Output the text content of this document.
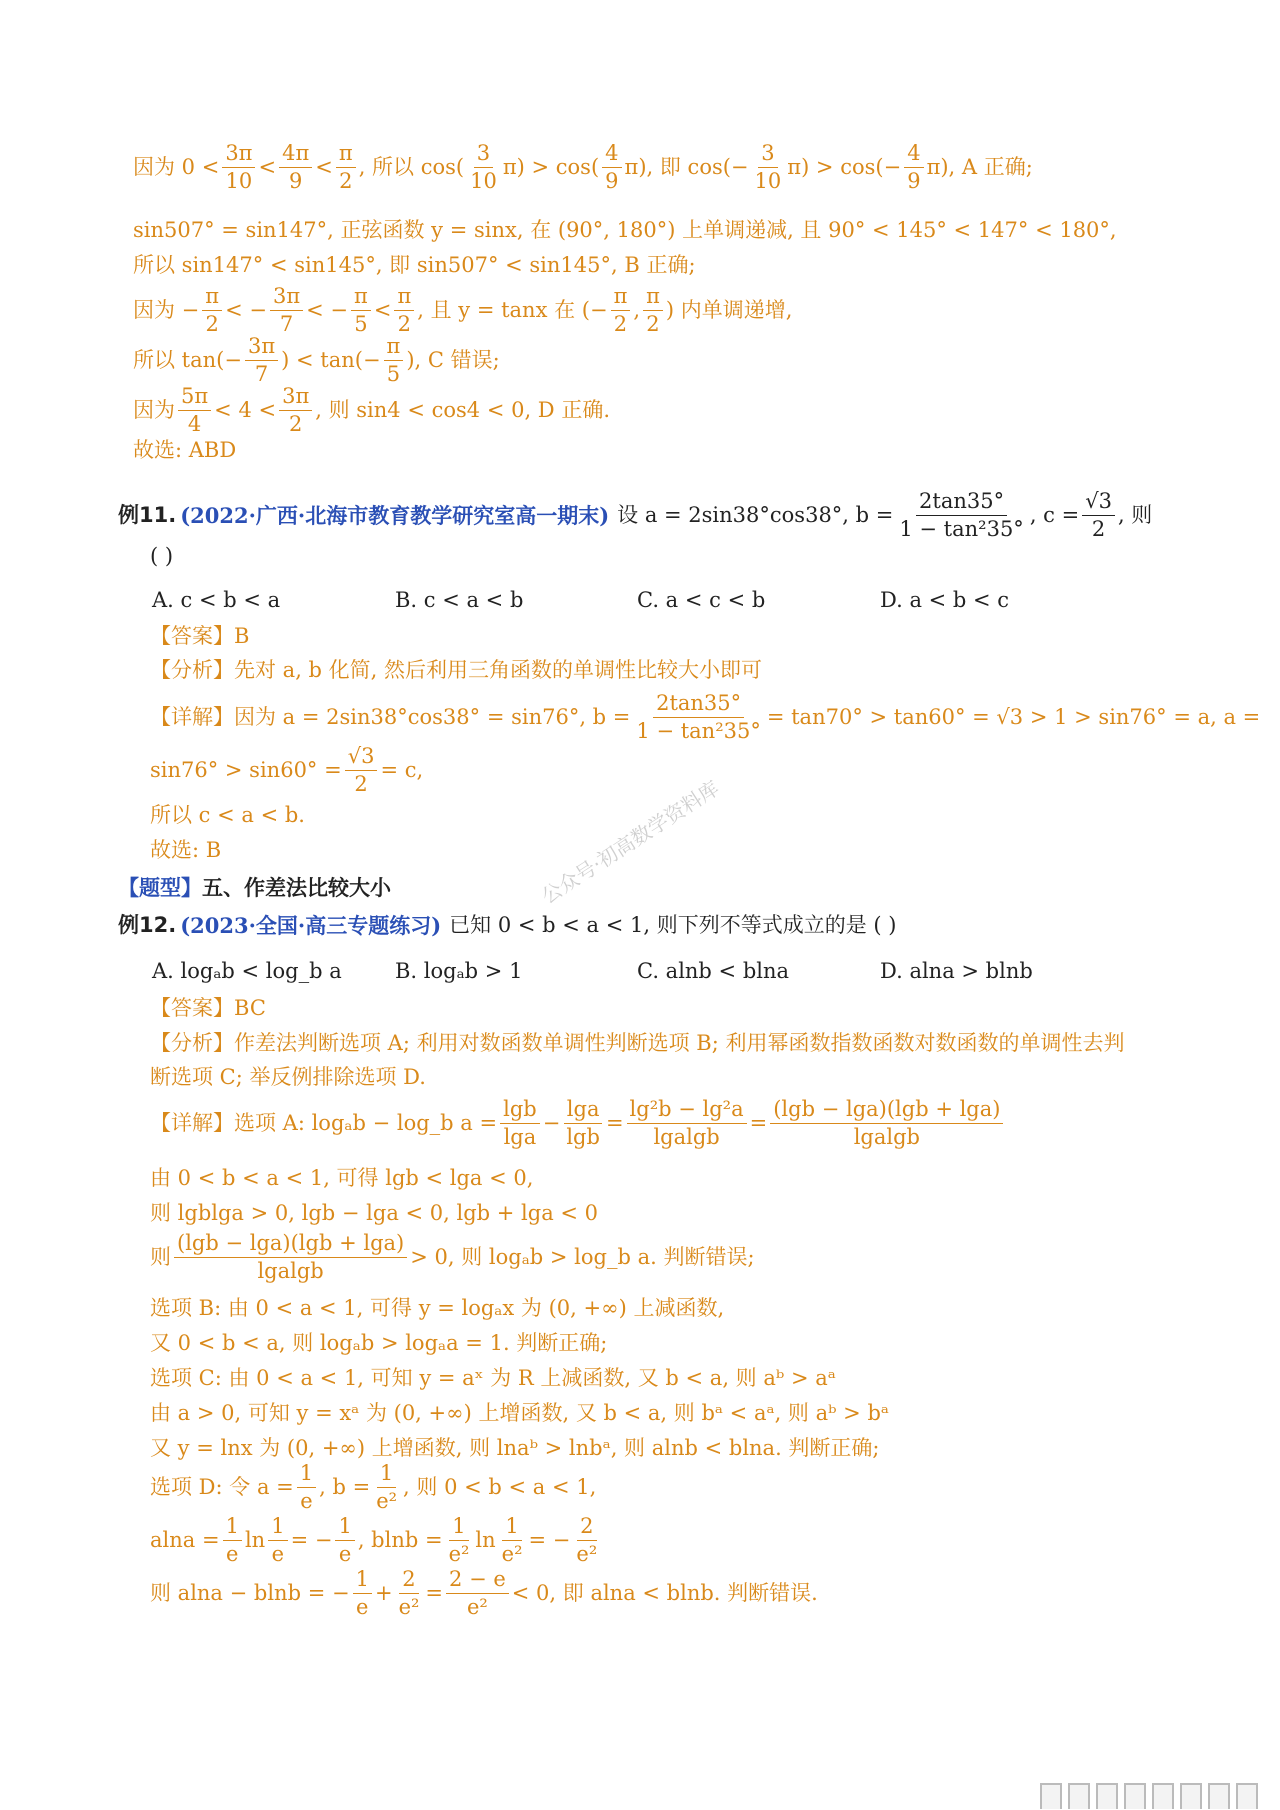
因为 $0 < \frac{3\pi}{10} < \frac{4\pi}{9} < \frac{\pi}{2}$ , 所以 $\cos( \frac{3}{10} \pi) > \cos( \frac{4}{9} \pi)$, 即 $\cos(- \frac{3}{10} \pi) > \cos(- \frac{4}{9} \pi)$, A 正确;
sin507° = sin147°, 正弦函数 y = sinx, 在 (90°, 180°) 上单调递减, 且 90° < 145° < 147° < 180°,
所以 sin147° < sin145°, 即 sin507° < sin145°, B 正确;
因为 − $\frac{\pi}{2}$ < − $\frac{3\pi}{7}$ < − $\frac{\pi}{5} < \frac{\pi}{2}$ , 且 y = tanx 在 (− $\frac{\pi}{2}$ , $\frac{\pi}{2}$ ) 内单调递增,
所以 $\tan(- \frac{3\pi}{7}$ ) < $\tan(- \frac{\pi}{5}$ ), C 错误;
因为 $\frac{5\pi}{4} < 4 < \frac{3\pi}{2}$ , 则 sin4 < cos4 < 0, D 正确.
故选: ABD
例11. (2022·广西·北海市教育教学研究室高一期末) 设 a = 2sin38°cos38°, $b = \frac{2\tan 35^\circ}{\text{1 − tan²35°}}$ , $c = \frac{√3}{2}$ , 则
( )
A. c < b < a	B. c < a < b	C. a < c < b	D. a < b < c
【答案】 B
【分析】 先对 a, b 化简, 然后利用三角函数的单调性比较大小即可
【详解】 因为 a = 2sin38°cos38° = sin76°, $b = \frac{2\tan 35^\circ}{\text{1 − tan²35°}} = \tan 70^\circ > \tan 60^\circ = √3 > 1 > \sin 76^\circ = a$, a =
$\sin 76^\circ > \sin 60^\circ = \frac{√3}{2} = c$,
所以 c < a < b.
故选: B
【题型】 五、作差法比较大小
例12. (2023·全国·高三专题练习) 已知 0 < b < a < 1, 则下列不等式成立的是 ( )
A. logₐb < log_b a	B. logₐb > 1	C. alnb < blna	D. alna > blnb
【答案】 BC
【分析】 作差法判断选项 A; 利用对数函数单调性判断选项 B; 利用幂函数指数函数对数函数的单调性去判
断选项 C; 举反例排除选项 D.
【详解】 选项 A: logₐb − log_b $a = \frac{\lg b}{\lg a} - \frac{\lg a}{\lg b} = \frac{\text{lg²b − lg²a}}{\text{lgalgb}} = \frac{(\lg b - \lg a)(\lg b + \lg a)}{\text{lgalgb}}$
由 0 < b < a < 1, 可得 lgb < lga < 0,
则 lgblga > 0, lgb − lga < 0, lgb + lga < 0
则 $\frac{(\lg b - \lg a)(\lg b + \lg a)}{\text{lgalgb}} > 0$, 则 logₐb > log_b a. 判断错误;
选项 B: 由 0 < a < 1, 可得 y = logₐx 为 (0, +∞) 上减函数,
又 0 < b < a, 则 logₐb > logₐa = 1. 判断正确;
选项 C: 由 0 < a < 1, 可知 y = aˣ 为 R 上减函数, 又 b < a, 则 aᵇ > aᵃ
由 a > 0, 可知 y = xᵃ 为 (0, +∞) 上增函数, 又 b < a, 则 bᵃ < aᵃ, 则 aᵇ > bᵃ
又 y = lnx 为 (0, +∞) 上增函数, 则 lnaᵇ > lnbᵃ, 则 alnb < blna. 判断正确;
选项 D: 令 $a = \frac{1}{e}$ , $b = \frac{1}{\text{e²}}$ , 则 0 < b < a < 1,
$alna = \frac{1}{e}$ $\ln \frac{1}{e}$ = − $\frac{1}{e}$ , $blnb = \frac{1}{\text{e²}}$ $\ln \frac{1}{\text{e²}}$ = − $\frac{2}{\text{e²}}$
则 alna − blnb = − $\frac{1}{e} + \frac{2}{\text{e²}} = \frac{2 - e}{\text{e²}} < 0$, 即 alna < blnb. 判断错误.
公众号·初高数学资料库
